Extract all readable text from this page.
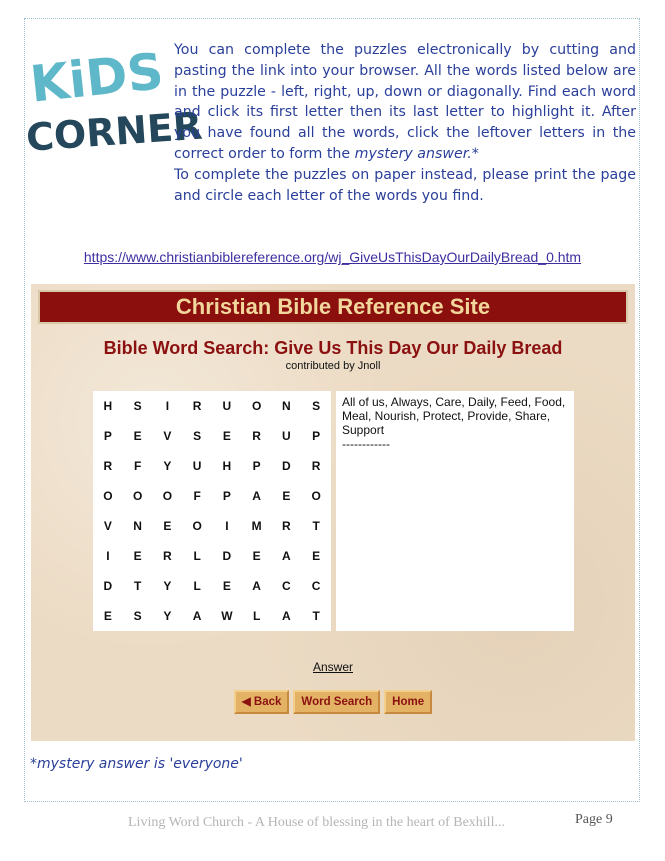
KiDS
CORNER

You can complete the puzzles electronically by cutting and pasting the link into your browser. All the words listed below are in the puzzle - left, right, up, down or diagonally. Find each word and click its first letter then its last letter to highlight it. After you have found all the words, click the leftover letters in the correct order to form the mystery answer.*

To complete the puzzles on paper instead, please print the page and circle each letter of the words you find.

https://www.christianbiblereference.org/wj_GiveUsThisDayOurDailyBread_0.htm
Christian Bible Reference Site
Bible Word Search: Give Us This Day Our Daily Bread
contributed by Jnoll
H	S	I	R	U	O	N	S
P	E	V	S	E	R	U	P
R	F	Y	U	H	P	D	R
O	O	O	F	P	A	E	O
V	N	E	O	I	M	R	T
I	E	R	L	D	E	A	E
D	T	Y	L	E	A	C	C
E	S	Y	A	W	L	A	T
All of us, Always, Care, Daily, Feed, Food, Meal, Nourish, Protect, Provide, Share, Support
------------
Answer
◀ Back Word Search Home
*mystery answer is 'everyone'
Living Word Church - A House of blessing in the heart of Bexhill...	Page 9
